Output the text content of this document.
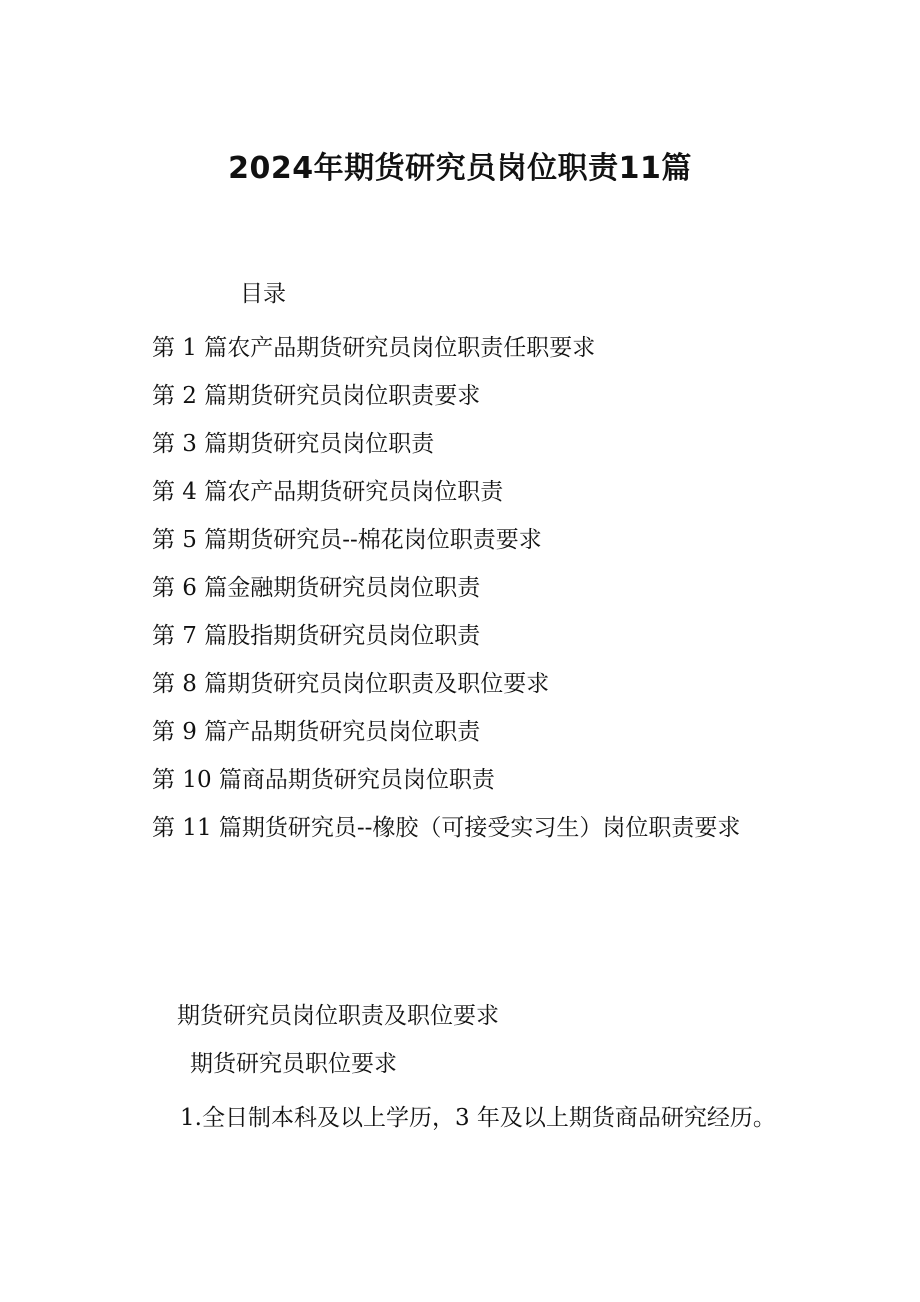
2024年期货研究员岗位职责11篇
目录
第 1 篇农产品期货研究员岗位职责任职要求
第 2 篇期货研究员岗位职责要求
第 3 篇期货研究员岗位职责
第 4 篇农产品期货研究员岗位职责
第 5 篇期货研究员--棉花岗位职责要求
第 6 篇金融期货研究员岗位职责
第 7 篇股指期货研究员岗位职责
第 8 篇期货研究员岗位职责及职位要求
第 9 篇产品期货研究员岗位职责
第 10 篇商品期货研究员岗位职责
第 11 篇期货研究员--橡胶（可接受实习生）岗位职责要求
期货研究员岗位职责及职位要求
期货研究员职位要求

1.全日制本科及以上学历，3 年及以上期货商品研究经历。
